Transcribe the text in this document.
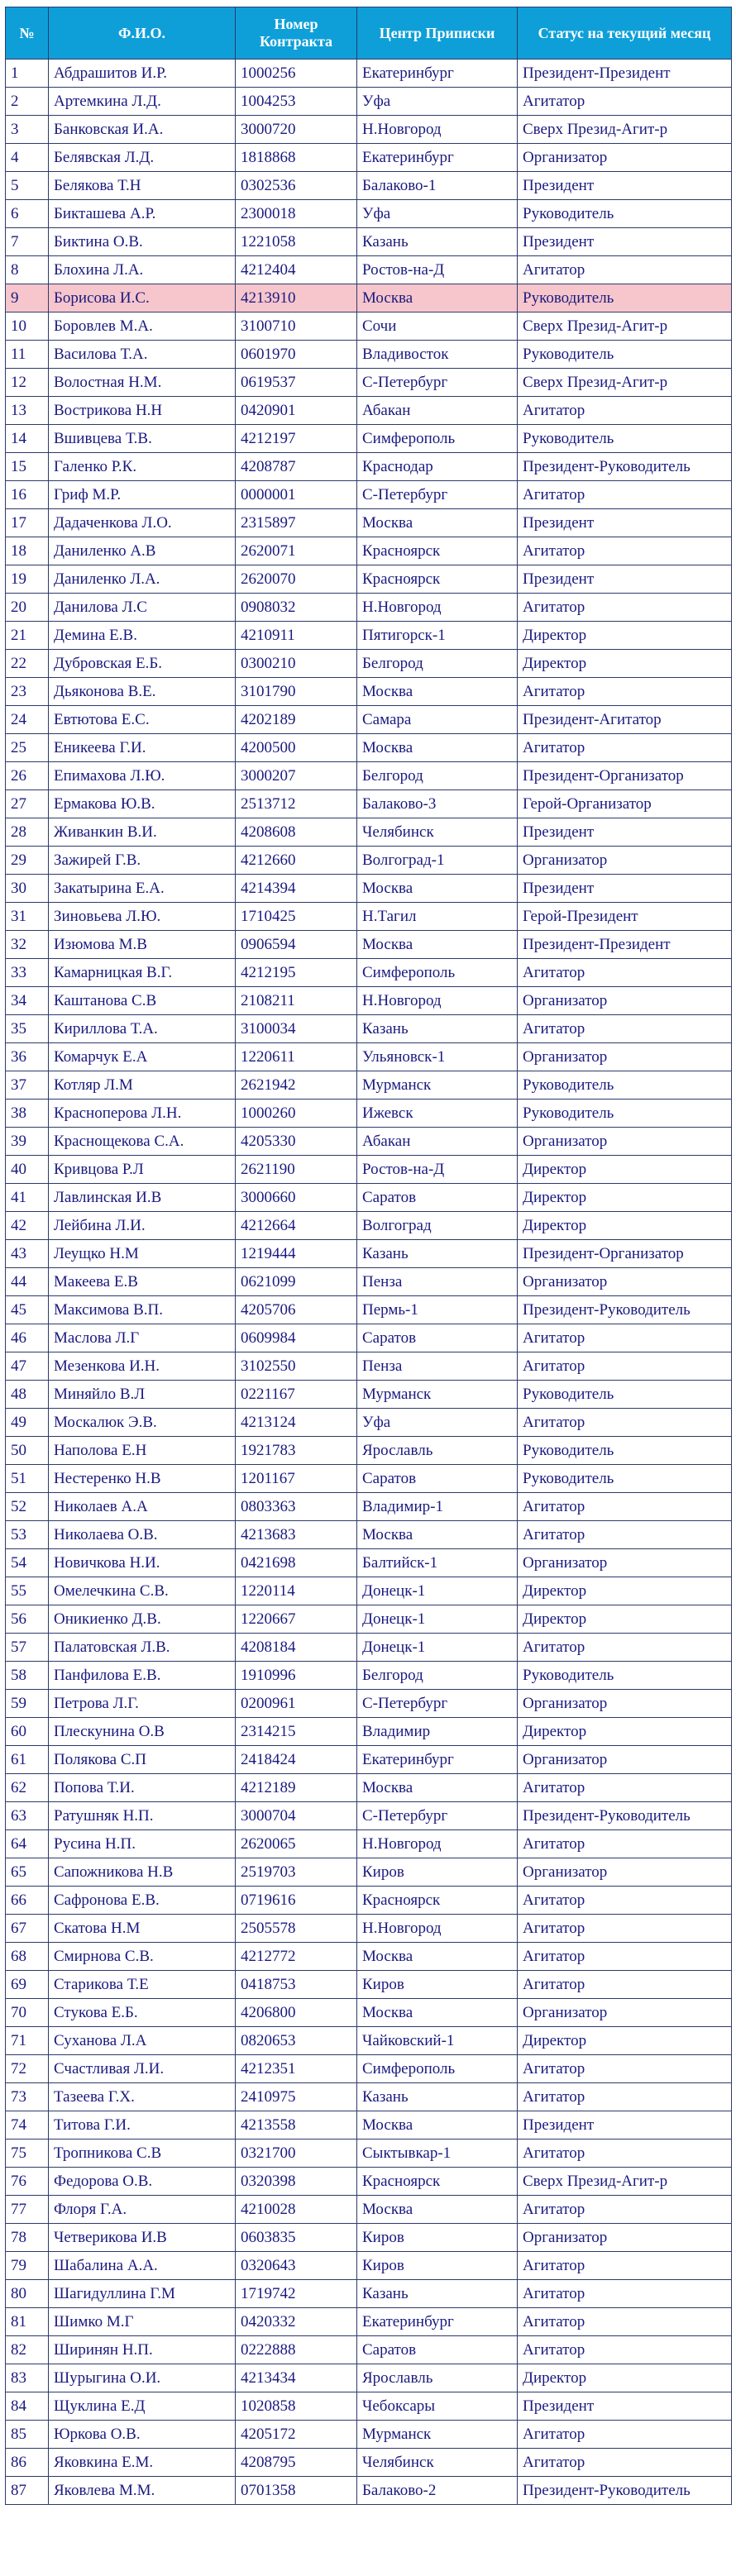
№	Ф.И.О.	Номер Контракта	Центр Приписки	Статус на текущий месяц
1	Абдрашитов И.Р.	1000256	Екатеринбург	Президент-Президент
2	Артемкина Л.Д.	1004253	Уфа	Агитатор
3	Банковская И.А.	3000720	Н.Новгород	Сверх Презид-Агит-р
4	Белявская Л.Д.	1818868	Екатеринбург	Организатор
5	Белякова Т.Н	0302536	Балаково-1	Президент
6	Бикташева А.Р.	2300018	Уфа	Руководитель
7	Биктина О.В.	1221058	Казань	Президент
8	Блохина Л.А.	4212404	Ростов-на-Д	Агитатор
9	Борисова И.С.	4213910	Москва	Руководитель
10	Боровлев М.А.	3100710	Сочи	Сверх Презид-Агит-р
11	Василова Т.А.	0601970	Владивосток	Руководитель
12	Волостная Н.М.	0619537	С-Петербург	Сверх Презид-Агит-р
13	Вострикова Н.Н	0420901	Абакан	Агитатор
14	Вшивцева Т.В.	4212197	Симферополь	Руководитель
15	Галенко Р.К.	4208787	Краснодар	Президент-Руководитель
16	Гриф М.Р.	0000001	С-Петербург	Агитатор
17	Дадаченкова Л.О.	2315897	Москва	Президент
18	Даниленко А.В	2620071	Красноярск	Агитатор
19	Даниленко Л.А.	2620070	Красноярск	Президент
20	Данилова Л.С	0908032	Н.Новгород	Агитатор
21	Демина Е.В.	4210911	Пятигорск-1	Директор
22	Дубровская Е.Б.	0300210	Белгород	Директор
23	Дьяконова В.Е.	3101790	Москва	Агитатор
24	Евтютова Е.С.	4202189	Самара	Президент-Агитатор
25	Еникеева Г.И.	4200500	Москва	Агитатор
26	Епимахова Л.Ю.	3000207	Белгород	Президент-Организатор
27	Ермакова Ю.В.	2513712	Балаково-3	Герой-Организатор
28	Живанкин В.И.	4208608	Челябинск	Президент
29	Зажирей Г.В.	4212660	Волгоград-1	Организатор
30	Закатырина Е.А.	4214394	Москва	Президент
31	Зиновьева Л.Ю.	1710425	Н.Тагил	Герой-Президент
32	Изюмова М.В	0906594	Москва	Президент-Президент
33	Камарницкая В.Г.	4212195	Симферополь	Агитатор
34	Каштанова С.В	2108211	Н.Новгород	Организатор
35	Кириллова Т.А.	3100034	Казань	Агитатор
36	Комарчук Е.А	1220611	Ульяновск-1	Организатор
37	Котляр Л.М	2621942	Мурманск	Руководитель
38	Красноперова Л.Н.	1000260	Ижевск	Руководитель
39	Краснощекова С.А.	4205330	Абакан	Организатор
40	Кривцова Р.Л	2621190	Ростов-на-Д	Директор
41	Лавлинская И.В	3000660	Саратов	Директор
42	Лейбина Л.И.	4212664	Волгоград	Директор
43	Леущко Н.М	1219444	Казань	Президент-Организатор
44	Макеева Е.В	0621099	Пенза	Организатор
45	Максимова В.П.	4205706	Пермь-1	Президент-Руководитель
46	Маслова Л.Г	0609984	Саратов	Агитатор
47	Мезенкова И.Н.	3102550	Пенза	Агитатор
48	Миняйло В.Л	0221167	Мурманск	Руководитель
49	Москалюк Э.В.	4213124	Уфа	Агитатор
50	Наполова Е.Н	1921783	Ярославль	Руководитель
51	Нестеренко Н.В	1201167	Саратов	Руководитель
52	Николаев А.А	0803363	Владимир-1	Агитатор
53	Николаева О.В.	4213683	Москва	Агитатор
54	Новичкова Н.И.	0421698	Балтийск-1	Организатор
55	Омелечкина С.В.	1220114	Донецк-1	Директор
56	Оникиенко Д.В.	1220667	Донецк-1	Директор
57	Палатовская Л.В.	4208184	Донецк-1	Агитатор
58	Панфилова Е.В.	1910996	Белгород	Руководитель
59	Петрова Л.Г.	0200961	С-Петербург	Организатор
60	Плескунина О.В	2314215	Владимир	Директор
61	Полякова С.П	2418424	Екатеринбург	Организатор
62	Попова Т.И.	4212189	Москва	Агитатор
63	Ратушняк Н.П.	3000704	С-Петербург	Президент-Руководитель
64	Русина Н.П.	2620065	Н.Новгород	Агитатор
65	Сапожникова Н.В	2519703	Киров	Организатор
66	Сафронова Е.В.	0719616	Красноярск	Агитатор
67	Скатова Н.М	2505578	Н.Новгород	Агитатор
68	Смирнова С.В.	4212772	Москва	Агитатор
69	Старикова Т.Е	0418753	Киров	Агитатор
70	Стукова Е.Б.	4206800	Москва	Организатор
71	Суханова Л.А	0820653	Чайковский-1	Директор
72	Счастливая Л.И.	4212351	Симферополь	Агитатор
73	Тазеева Г.Х.	2410975	Казань	Агитатор
74	Титова Г.И.	4213558	Москва	Президент
75	Тропникова С.В	0321700	Сыктывкар-1	Агитатор
76	Федорова О.В.	0320398	Красноярск	Сверх Презид-Агит-р
77	Флоря Г.А.	4210028	Москва	Агитатор
78	Четверикова И.В	0603835	Киров	Организатор
79	Шабалина А.А.	0320643	Киров	Агитатор
80	Шагидуллина Г.М	1719742	Казань	Агитатор
81	Шимко М.Г	0420332	Екатеринбург	Агитатор
82	Ширинян Н.П.	0222888	Саратов	Агитатор
83	Шурыгина О.И.	4213434	Ярославль	Директор
84	Щуклина Е.Д	1020858	Чебоксары	Президент
85	Юркова О.В.	4205172	Мурманск	Агитатор
86	Яковкина Е.М.	4208795	Челябинск	Агитатор
87	Яковлева М.М.	0701358	Балаково-2	Президент-Руководитель
